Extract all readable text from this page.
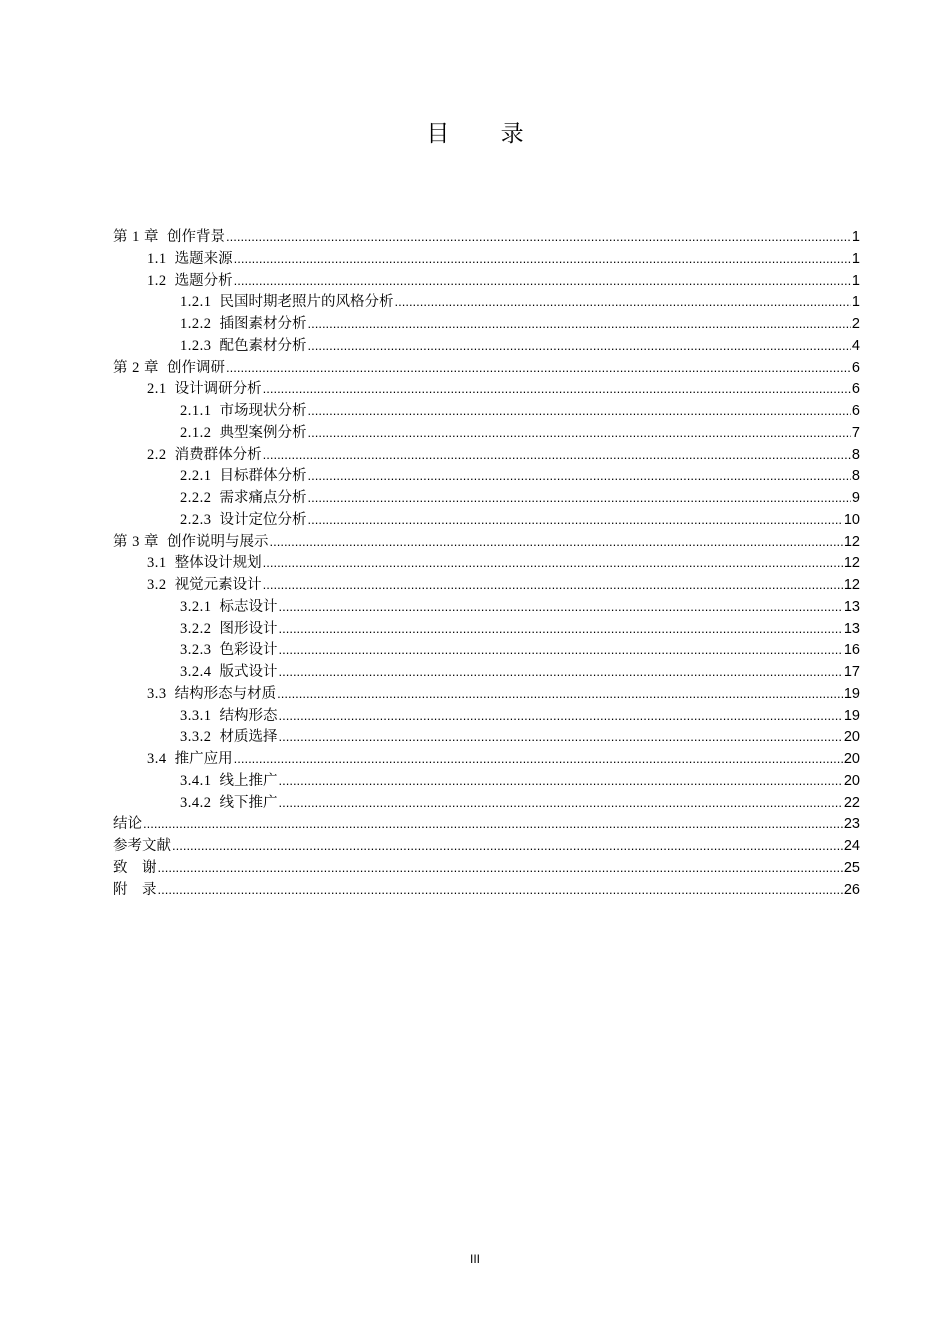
目 录
第 1 章 创作背景 .....	1
1.1 选题来源 .....	1
1.2 选题分析 .....	1
1.2.1 民国时期老照片的风格分析 .....	1
1.2.2 插图素材分析 .....	2
1.2.3 配色素材分析 .....	4
第 2 章 创作调研 .....	6
2.1 设计调研分析 .....	6
2.1.1 市场现状分析 .....	6
2.1.2 典型案例分析 .....	7
2.2 消费群体分析 .....	8
2.2.1 目标群体分析 .....	8
2.2.2 需求痛点分析 .....	9
2.2.3 设计定位分析 .....	10
第 3 章 创作说明与展示 .....	12
3.1 整体设计规划 .....	12
3.2 视觉元素设计 .....	12
3.2.1 标志设计 .....	13
3.2.2 图形设计 .....	13
3.2.3 色彩设计 .....	16
3.2.4 版式设计 .....	17
3.3 结构形态与材质 .....	19
3.3.1 结构形态 .....	19
3.3.2 材质选择 .....	20
3.4 推广应用 .....	20
3.4.1 线上推广 .....	20
3.4.2 线下推广 .....	22
结论 .....	23
参考文献 .....	24
致　谢 .....	25
附　录 .....	26
III
